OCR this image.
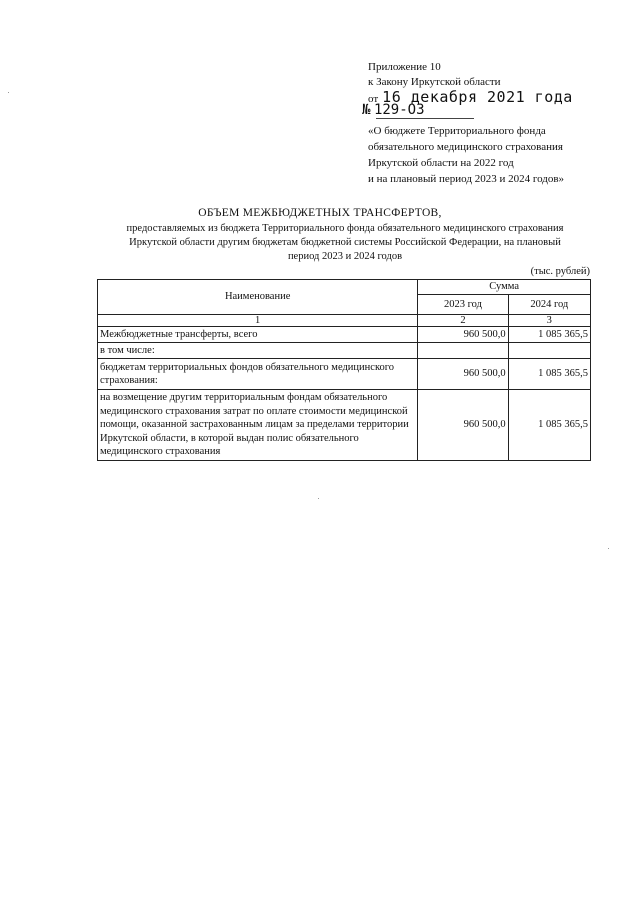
Приложение 10
к Закону Иркутской области
от 16 декабря 2021 года
№ 129-ОЗ
«О бюджете Территориального фонда
обязательного медицинского страхования
Иркутской области на 2022 год
и на плановый период 2023 и 2024 годов»
ОБЪЕМ МЕЖБЮДЖЕТНЫХ ТРАНСФЕРТОВ,
предоставляемых из бюджета Территориального фонда обязательного медицинского страхования
Иркутской области другим бюджетам бюджетной системы Российской Федерации, на плановый
период 2023 и 2024 годов
(тыс. рублей)
Наименование	Сумма	
	2023 год	2024 год
1	2	3
Межбюджетные трансферты, всего	960 500,0	1 085 365,5
в том числе:		
бюджетам территориальных фондов обязательного медицинского страхования:	960 500,0	1 085 365,5
на возмещение другим территориальным фондам обязательного медицинского страхования затрат по оплате стоимости медицинской помощи, оказанной застрахованным лицам за пределами территории Иркутской области, в которой выдан полис обязательного медицинского страхования	960 500,0	1 085 365,5
